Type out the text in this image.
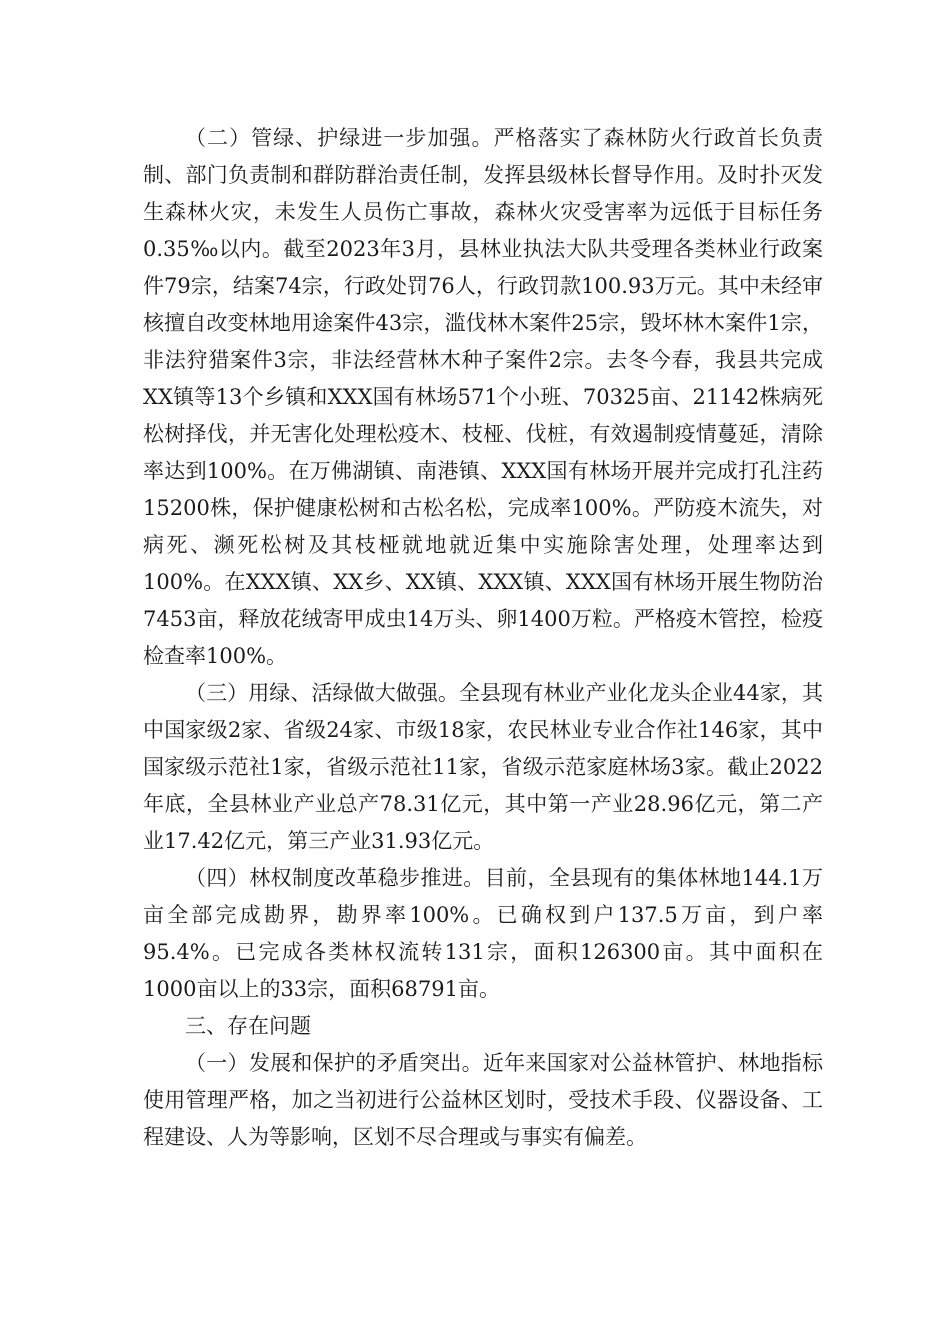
（二）管绿、护绿进一步加强。严格落实了森林防火行政首长负责制、部门负责制和群防群治责任制，发挥县级林长督导作用。及时扑灭发生森林火灾，未发生人员伤亡事故，森林火灾受害率为远低于目标任务0.35‰以内。截至2023年3月，县林业执法大队共受理各类林业行政案件79宗，结案74宗，行政处罚76人，行政罚款100.93万元。其中未经审核擅自改变林地用途案件43宗，滥伐林木案件25宗，毁坏林木案件1宗，非法狩猎案件3宗，非法经营林木种子案件2宗。去冬今春，我县共完成XX镇等13个乡镇和XXX国有林场571个小班、70325亩、21142株病死松树择伐，并无害化处理松疫木、枝桠、伐桩，有效遏制疫情蔓延，清除率达到100%。在万佛湖镇、南港镇、XXX国有林场开展并完成打孔注药15200株，保护健康松树和古松名松，完成率100%。严防疫木流失，对病死、濒死松树及其枝桠就地就近集中实施除害处理，处理率达到100%。在XXX镇、XX乡、XX镇、XXX镇、XXX国有林场开展生物防治7453亩，释放花绒寄甲成虫14万头、卵1400万粒。严格疫木管控，检疫检查率100%。

（三）用绿、活绿做大做强。全县现有林业产业化龙头企业44家，其中国家级2家、省级24家、市级18家，农民林业专业合作社146家，其中国家级示范社1家，省级示范社11家，省级示范家庭林场3家。截止2022年底，全县林业产业总产78.31亿元，其中第一产业28.96亿元，第二产业17.42亿元，第三产业31.93亿元。

（四）林权制度改革稳步推进。目前，全县现有的集体林地144.1万亩全部完成勘界，勘界率100%。已确权到户137.5万亩，到户率95.4%。已完成各类林权流转131宗，面积126300亩。其中面积在1000亩以上的33宗，面积68791亩。

三、存在问题

（一）发展和保护的矛盾突出。近年来国家对公益林管护、林地指标使用管理严格，加之当初进行公益林区划时，受技术手段、仪器设备、工程建设、人为等影响，区划不尽合理或与事实有偏差。
